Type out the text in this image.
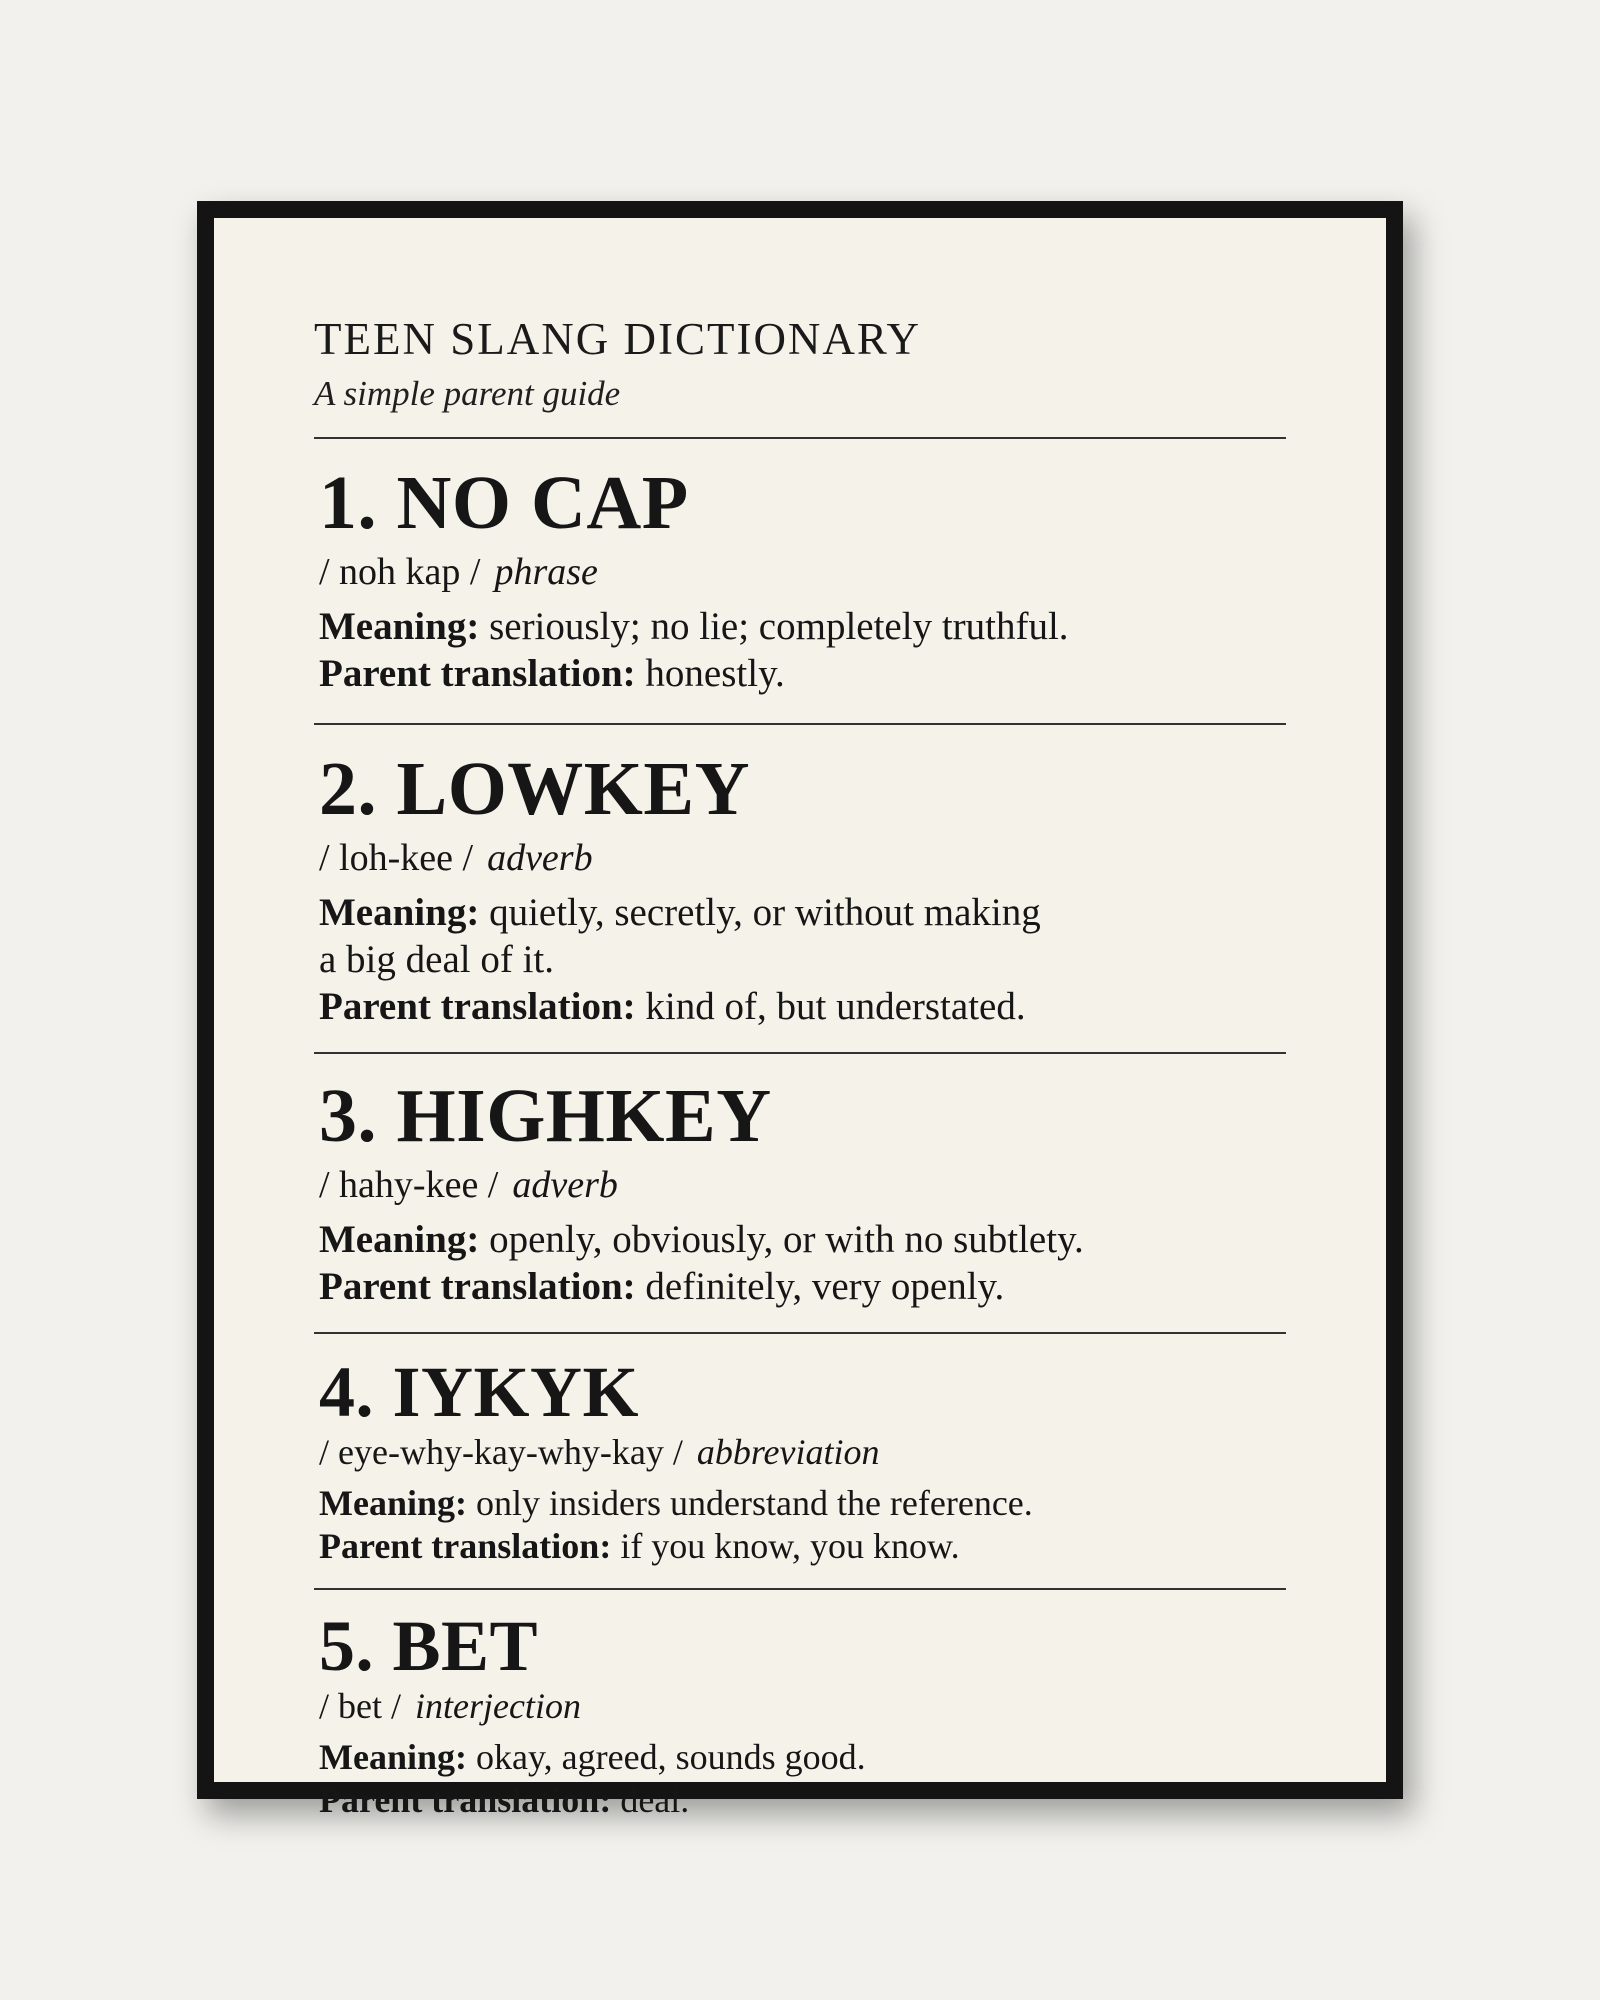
TEEN SLANG DICTIONARY
A simple parent guide
1. NO CAP
/ noh kap / phrase
Meaning: seriously; no lie; completely truthful.
Parent translation: honestly.
2. LOWKEY
/ loh-kee / adverb
Meaning: quietly, secretly, or without making
a big deal of it.
Parent translation: kind of, but understated.
3. HIGHKEY
/ hahy-kee / adverb
Meaning: openly, obviously, or with no subtlety.
Parent translation: definitely, very openly.
4. IYKYK
/ eye-why-kay-why-kay / abbreviation
Meaning: only insiders understand the reference.
Parent translation: if you know, you know.
5. BET
/ bet / interjection
Meaning: okay, agreed, sounds good.
Parent translation: deal.
